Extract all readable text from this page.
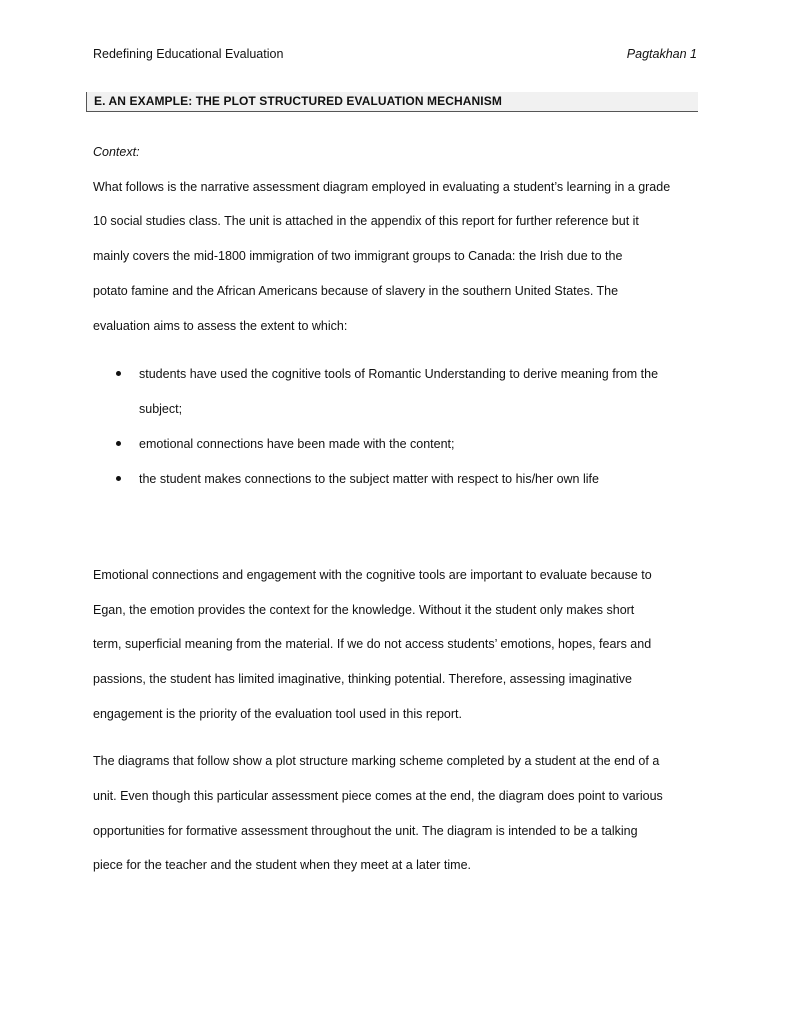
Redefining Educational Evaluation	Pagtakhan 1
E. AN EXAMPLE: THE PLOT STRUCTURED EVALUATION MECHANISM
Context:
What follows is the narrative assessment diagram employed in evaluating a student’s learning in a grade
10 social studies class. The unit is attached in the appendix of this report for further reference but it
mainly covers the mid-1800 immigration of two immigrant groups to Canada: the Irish due to the
potato famine and the African Americans because of slavery in the southern United States. The
evaluation aims to assess the extent to which:
students have used the cognitive tools of Romantic Understanding to derive meaning from the
subject;
emotional connections have been made with the content;
the student makes connections to the subject matter with respect to his/her own life
Emotional connections and engagement with the cognitive tools are important to evaluate because to
Egan, the emotion provides the context for the knowledge. Without it the student only makes short
term, superficial meaning from the material. If we do not access students’ emotions, hopes, fears and
passions, the student has limited imaginative, thinking potential. Therefore, assessing imaginative
engagement is the priority of the evaluation tool used in this report.
The diagrams that follow show a plot structure marking scheme completed by a student at the end of a
unit. Even though this particular assessment piece comes at the end, the diagram does point to various
opportunities for formative assessment throughout the unit. The diagram is intended to be a talking
piece for the teacher and the student when they meet at a later time.
